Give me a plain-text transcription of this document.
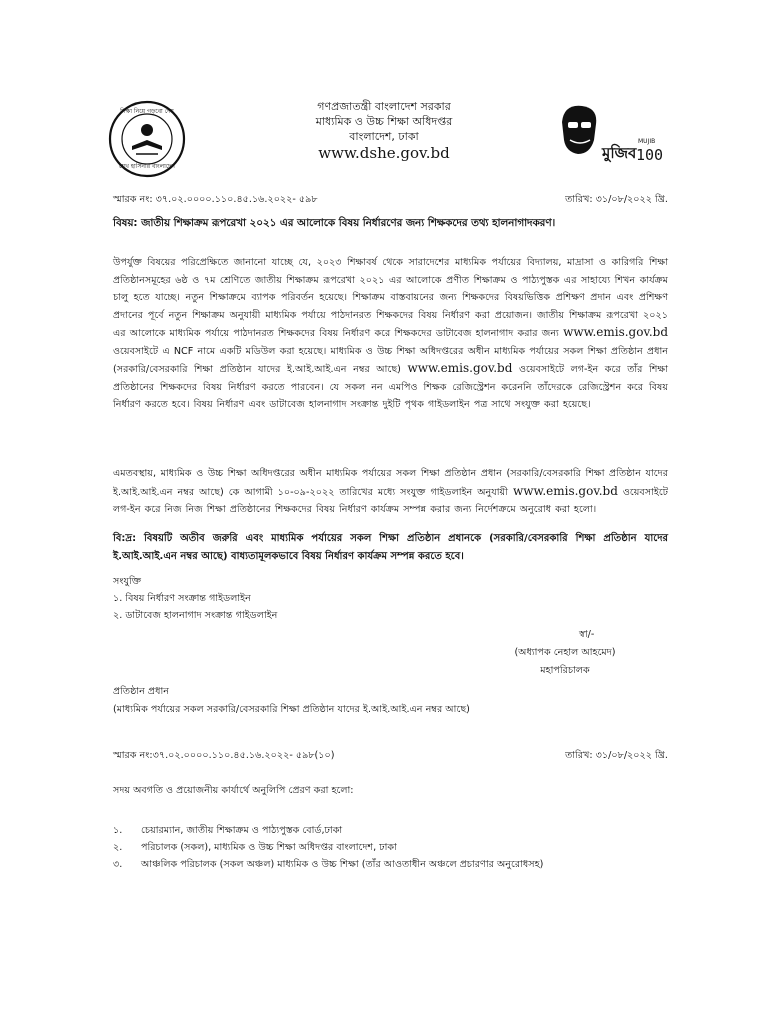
শিক্ষা নিয়ে গড়বো দেশ
শেখ হাসিনার বাংলাদেশ
গণপ্রজাতন্ত্রী বাংলাদেশ সরকার
মাধ্যমিক ও উচ্চ শিক্ষা অধিদপ্তর
বাংলাদেশ, ঢাকা
www.dshe.gov.bd	মুজিব
MUJIB
100
স্মারক নং: ৩৭.০২.০০০০.১১০.৪৫.১৬.২০২২- ৫৯৮	তারিখ: ৩১/০৮/২০২২ খ্রি.
বিষয়: জাতীয় শিক্ষাক্রম রূপরেখা ২০২১ এর আলোকে বিষয় নির্ধারণের জন্য শিক্ষকদের তথ্য হালনাগাদকরণ।
উপর্যুক্ত বিষয়ের পরিপ্রেক্ষিতে জানানো যাচ্ছে যে, ২০২৩ শিক্ষাবর্ষ থেকে সারাদেশের মাধ্যমিক পর্যায়ের বিদ্যালয়, মাদ্রাসা ও কারিগরি শিক্ষা প্রতিষ্ঠানসমূহের ৬ষ্ঠ ও ৭ম শ্রেণিতে জাতীয় শিক্ষাক্রম রূপরেখা ২০২১ এর আলোকে প্রণীত শিক্ষাক্রম ও পাঠ্যপুস্তক এর সাহায্যে শিখন কার্যক্রম চালু হতে যাচ্ছে। নতুন শিক্ষাক্রমে ব্যাপক পরিবর্তন হয়েছে। শিক্ষাক্রম বাস্তবায়নের জন্য শিক্ষকদের বিষয়ভিত্তিক প্রশিক্ষণ প্রদান এবং প্রশিক্ষণ প্রদানের পূর্বে নতুন শিক্ষাক্রম অনুযায়ী মাধ্যমিক পর্যায়ে পাঠদানরত শিক্ষকদের বিষয় নির্ধারণ করা প্রয়োজন। জাতীয় শিক্ষাক্রম রূপরেখা ২০২১ এর আলোকে মাধ্যমিক পর্যায়ে পাঠদানরত শিক্ষকদের বিষয় নির্ধারণ করে শিক্ষকদের ডাটাবেজ হালনাগাদ করার জন্য www.emis.gov.bd ওয়েবসাইটে এ NCF নামে একটি মডিউল করা হয়েছে। মাধ্যমিক ও উচ্চ শিক্ষা অধিদপ্তরের অধীন মাধ্যমিক পর্যায়ের সকল শিক্ষা প্রতিষ্ঠান প্রধান (সরকারি/বেসরকারি শিক্ষা প্রতিষ্ঠান যাদের ই.আই.আই.এন নম্বর আছে) www.emis.gov.bd ওয়েবসাইটে লগ-ইন করে তাঁর শিক্ষা প্রতিষ্ঠানের শিক্ষকদের বিষয় নির্ধারণ করতে পারবেন। যে সকল নন এমপিও শিক্ষক রেজিস্ট্রেশন করেননি তাঁদেরকে রেজিস্ট্রেশন করে বিষয় নির্ধারণ করতে হবে। বিষয় নির্ধারণ এবং ডাটাবেজ হালনাগাদ সংক্রান্ত দুইটি পৃথক গাইডলাইন পত্র সাথে সংযুক্ত করা হয়েছে।
এমতবস্থায়, মাধ্যমিক ও উচ্চ শিক্ষা অধিদপ্তরের অধীন মাধ্যমিক পর্যায়ের সকল শিক্ষা প্রতিষ্ঠান প্রধান (সরকারি/বেসরকারি শিক্ষা প্রতিষ্ঠান যাদের ই.আই.আই.এন নম্বর আছে) কে আগামী ১০-০৯-২০২২ তারিখের মধ্যে সংযুক্ত গাইডলাইন অনুযায়ী www.emis.gov.bd ওয়েবসাইটে লগ-ইন করে নিজ নিজ শিক্ষা প্রতিষ্ঠানের শিক্ষকদের বিষয় নির্ধারণ কার্যক্রম সম্পন্ন করার জন্য নির্দেশক্রমে অনুরোধ করা হলো।
বি:দ্র: বিষয়টি অতীব জরুরি এবং মাধ্যমিক পর্যায়ের সকল শিক্ষা প্রতিষ্ঠান প্রধানকে (সরকারি/বেসরকারি শিক্ষা প্রতিষ্ঠান যাদের ই.আই.আই.এন নম্বর আছে) বাধ্যতামূলকভাবে বিষয় নির্ধারণ কার্যক্রম সম্পন্ন করতে হবে।
সংযুক্তি
১. বিষয় নির্ধারণ সংক্রান্ত গাইডলাইন
২. ডাটাবেজ হালনাগাদ সংক্রান্ত গাইডলাইন
স্বা/-
(অধ্যাপক নেহাল আহমেদ)
মহাপরিচালক
প্রতিষ্ঠান প্রধান
(মাধ্যমিক পর্যায়ের সকল সরকারি/বেসরকারি শিক্ষা প্রতিষ্ঠান যাদের ই.আই.আই.এন নম্বর আছে)
স্মারক নং:৩৭.০২.০০০০.১১০.৪৫.১৬.২০২২- ৫৯৮(১০)	তারিখ: ৩১/০৮/২০২২ খ্রি.
সদয় অবগতি ও প্রয়োজনীয় কার্যার্থে অনুলিপি প্রেরণ করা হলো:
১. চেয়ারম্যান, জাতীয় শিক্ষাক্রম ও পাঠ্যপুস্তক বোর্ড,ঢাকা
২. পরিচালক (সকল), মাধ্যমিক ও উচ্চ শিক্ষা অধিদপ্তর বাংলাদেশ, ঢাকা
৩. আঞ্চলিক পরিচালক (সকল অঞ্চল) মাধ্যমিক ও উচ্চ শিক্ষা (তাঁর আওতাধীন অঞ্চলে প্রচারণার অনুরোধসহ)
